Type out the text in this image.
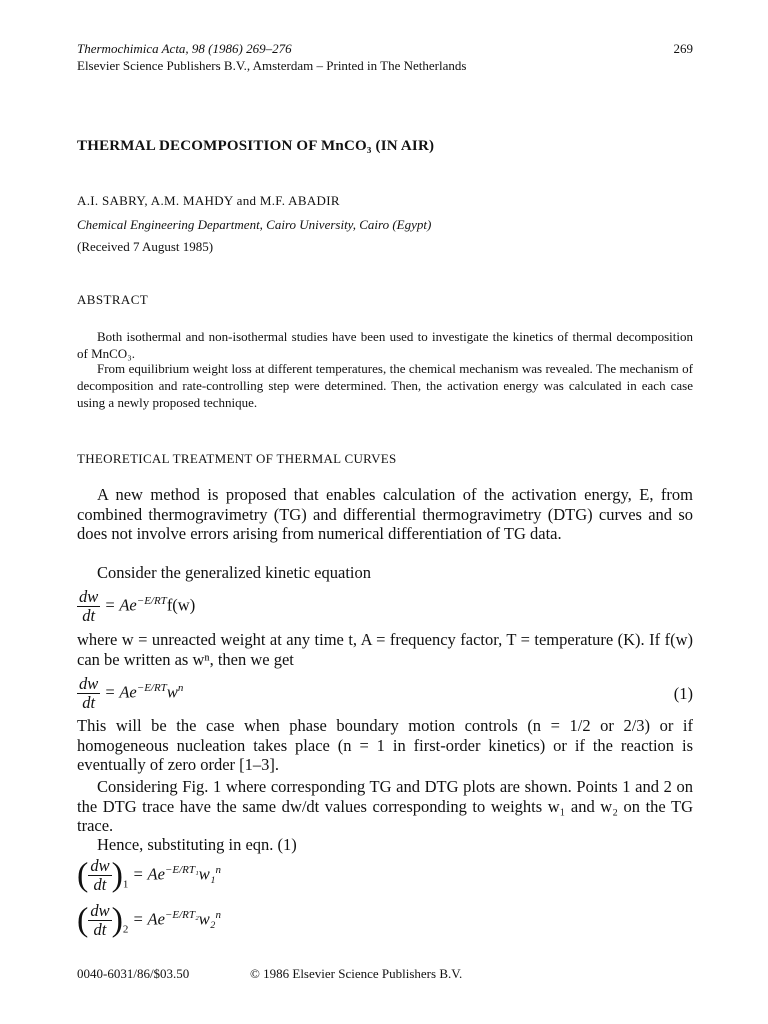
Thermochimica Acta, 98 (1986) 269–276	269
Elsevier Science Publishers B.V., Amsterdam – Printed in The Netherlands
THERMAL DECOMPOSITION OF MnCO₃ (IN AIR)
A.I. SABRY, A.M. MAHDY and M.F. ABADIR
Chemical Engineering Department, Cairo University, Cairo (Egypt)
(Received 7 August 1985)
ABSTRACT
Both isothermal and non-isothermal studies have been used to investigate the kinetics of thermal decomposition of MnCO₃.
From equilibrium weight loss at different temperatures, the chemical mechanism was revealed. The mechanism of decomposition and rate-controlling step were determined. Then, the activation energy was calculated in each case using a newly proposed technique.
THEORETICAL TREATMENT OF THERMAL CURVES
A new method is proposed that enables calculation of the activation energy, E, from combined thermogravimetry (TG) and differential thermogravimetry (DTG) curves and so does not involve errors arising from numerical differentiation of TG data.
Consider the generalized kinetic equation
$\frac{dw}{dt} = Ae^{-E/RT}f(w)$
where w = unreacted weight at any time t, A = frequency factor, T = temperature (K). If f(w) can be written as wⁿ, then we get
$\frac{dw}{dt} = Ae^{-E/RT}w^n$	(1)
This will be the case when phase boundary motion controls (n = 1/2 or 2/3) or if homogeneous nucleation takes place (n = 1 in first-order kinetics) or if the reaction is eventually of zero order [1–3].
Considering Fig. 1 where corresponding TG and DTG plots are shown. Points 1 and 2 on the DTG trace have the same dw/dt values corresponding to weights w₁ and w₂ on the TG trace.
Hence, substituting in eqn. (1)
( $\frac{dw}{dt} )_1 = Ae^{-E/RT_1}w_1^n$
( $\frac{dw}{dt} )_2 = Ae^{-E/RT_2}w_2^n$
0040-6031/86/$03.50	© 1986 Elsevier Science Publishers B.V.
